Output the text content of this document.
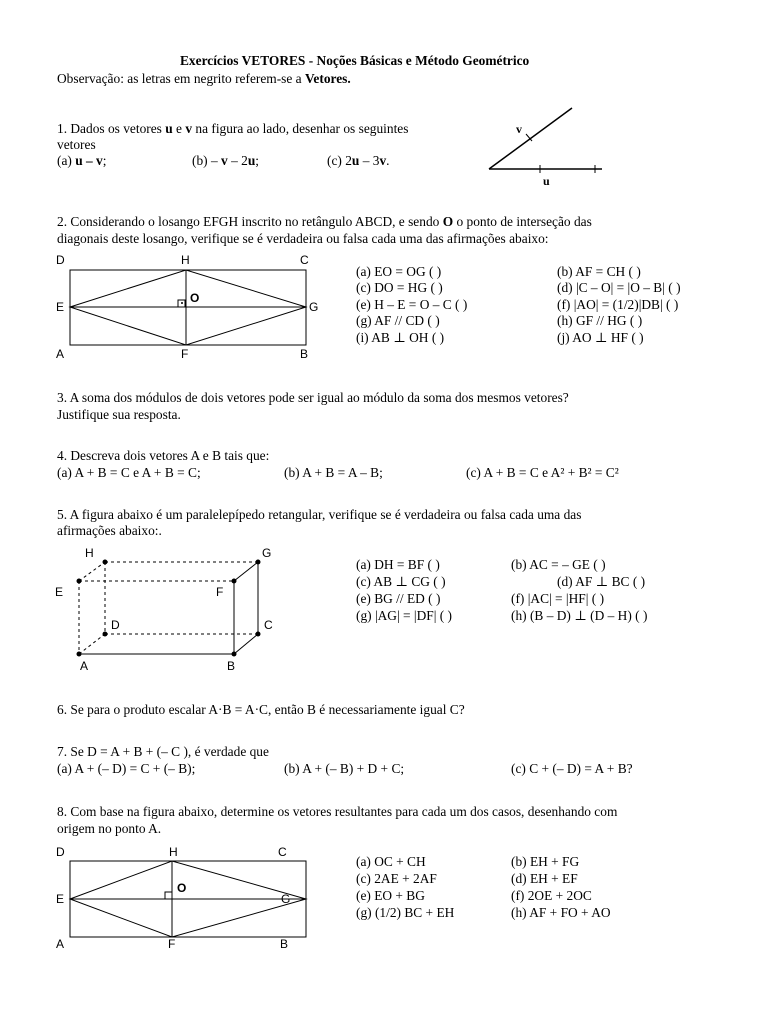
Exercícios VETORES - Noções Básicas e Método Geométrico
Observação: as letras em negrito referem-se a Vetores.
1. Dados os vetores u e v na figura ao lado, desenhar os seguintes
vetores
(a) u – v;	(b) – v – 2u;	(c) 2u – 3v.
v
u
2. Considerando o losango EFGH inscrito no retângulo ABCD, e sendo O o ponto de interseção das
diagonais deste losango, verifique se é verdadeira ou falsa cada uma das afirmações abaixo:
D	H	C
E
O
G
A	F	B
(a) EO = OG ( )	(b) AF = CH ( )
(c) DO = HG ( )	(d) |C – O| = |O – B| ( )
(e) H – E = O – C ( )	(f) |AO| = (1/2)|DB| ( )
(g) AF // CD ( )	(h) GF // HG ( )
(i) AB ⊥ OH ( )	(j) AO ⊥ HF ( )
3. A soma dos módulos de dois vetores pode ser igual ao módulo da soma dos mesmos vetores?
Justifique sua resposta.
4. Descreva dois vetores A e B tais que:
(a) A + B = C e A + B = C;	(b) A + B = A – B;	(c) A + B = C e A² + B² = C²
5. A figura abaixo é um paralelepípedo retangular, verifique se é verdadeira ou falsa cada uma das
afirmações abaixo:.
H	G
E	F
D	C
A	B
(a) DH = BF ( )	(b) AC = – GE ( )
(c) AB ⊥ CG ( )	(d) AF ⊥ BC ( )
(e) BG // ED ( )	(f) |AC| = |HF| ( )
(g) |AG| = |DF| ( )	(h) (B – D) ⊥ (D – H) ( )
6. Se para o produto escalar A·B = A·C, então B é necessariamente igual C?
7. Se D = A + B + (– C ), é verdade que
(a) A + (– D) = C + (– B);	(b) A + (– B) + D + C;	(c) C + (– D) = A + B?
8. Com base na figura abaixo, determine os vetores resultantes para cada um dos casos, desenhando com
origem no ponto A.
D	H	C
E
O
G
A	F	B
(a) OC + CH	(b) EH + FG
(c) 2AE + 2AF	(d) EH + EF
(e) EO + BG	(f) 2OE + 2OC
(g) (1/2) BC + EH	(h) AF + FO + AO
